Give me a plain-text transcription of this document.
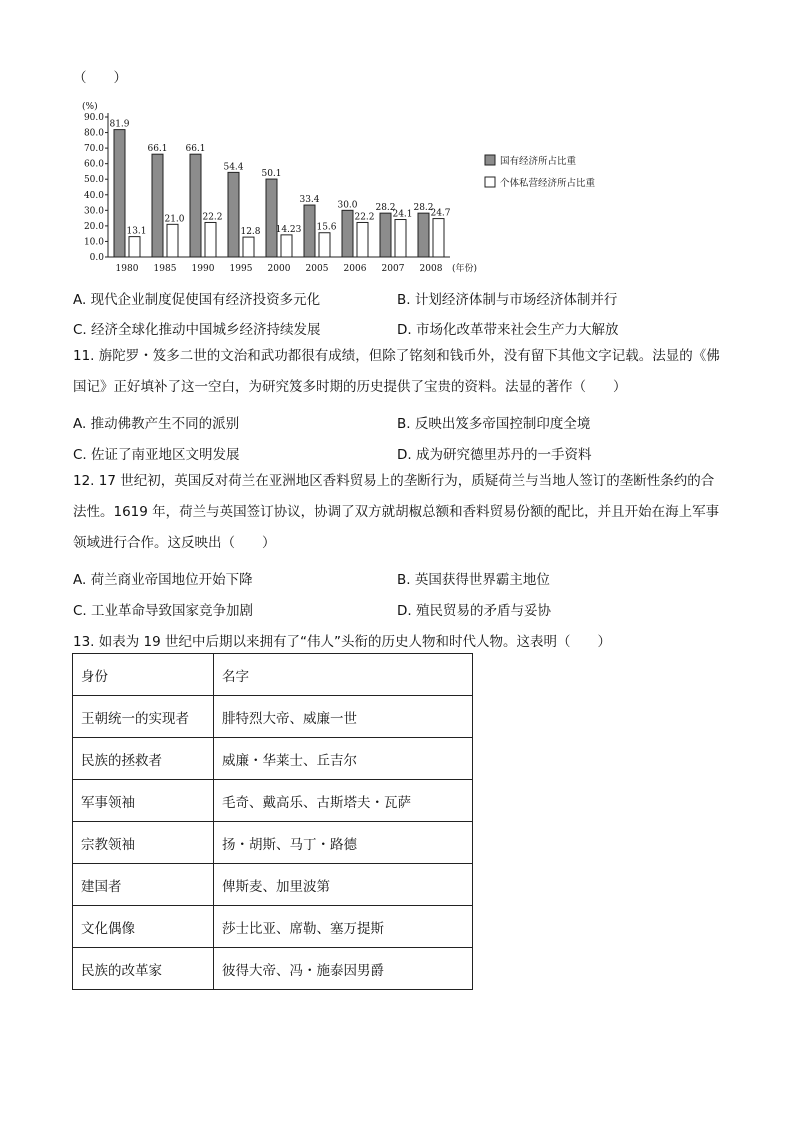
（　　）
(%)
0.0
10.0
20.0
30.0
40.0
50.0
60.0
70.0
80.0
90.0
81.9
13.1
1980
66.1
21.0
1985
66.1
22.2
1990
54.4
12.8
1995
50.1
14.23
2000
33.4
15.6
2005
30.0
22.2
2006
28.2
24.1
2007
28.2
24.7
2008 (年份)
国有经济所占比重
个体私营经济所占比重
A. 现代企业制度促使国有经济投资多元化	B. 计划经济体制与市场经济体制并行
C. 经济全球化推动中国城乡经济持续发展	D. 市场化改革带来社会生产力大解放
11. 旃陀罗・笈多二世的文治和武功都很有成绩，但除了铭刻和钱币外，没有留下其他文字记载。法显的《佛国记》正好填补了这一空白，为研究笈多时期的历史提供了宝贵的资料。法显的著作（　　）
A. 推动佛教产生不同的派别	B. 反映出笈多帝国控制印度全境
C. 佐证了南亚地区文明发展	D. 成为研究德里苏丹的一手资料
12. 17 世纪初，英国反对荷兰在亚洲地区香料贸易上的垄断行为，质疑荷兰与当地人签订的垄断性条约的合法性。1619 年，荷兰与英国签订协议，协调了双方就胡椒总额和香料贸易份额的配比，并且开始在海上军事领域进行合作。这反映出（　　）
A. 荷兰商业帝国地位开始下降	B. 英国获得世界霸主地位
C. 工业革命导致国家竞争加剧	D. 殖民贸易的矛盾与妥协
13. 如表为 19 世纪中后期以来拥有了“伟人”头衔的历史人物和时代人物。这表明（　　）
身份	名字
王朝统一的实现者	腓特烈大帝、威廉一世
民族的拯救者	威廉・华莱士、丘吉尔
军事领袖	毛奇、戴高乐、古斯塔夫・瓦萨
宗教领袖	扬・胡斯、马丁・路德
建国者	俾斯麦、加里波第
文化偶像	莎士比亚、席勒、塞万提斯
民族的改革家	彼得大帝、冯・施泰因男爵
